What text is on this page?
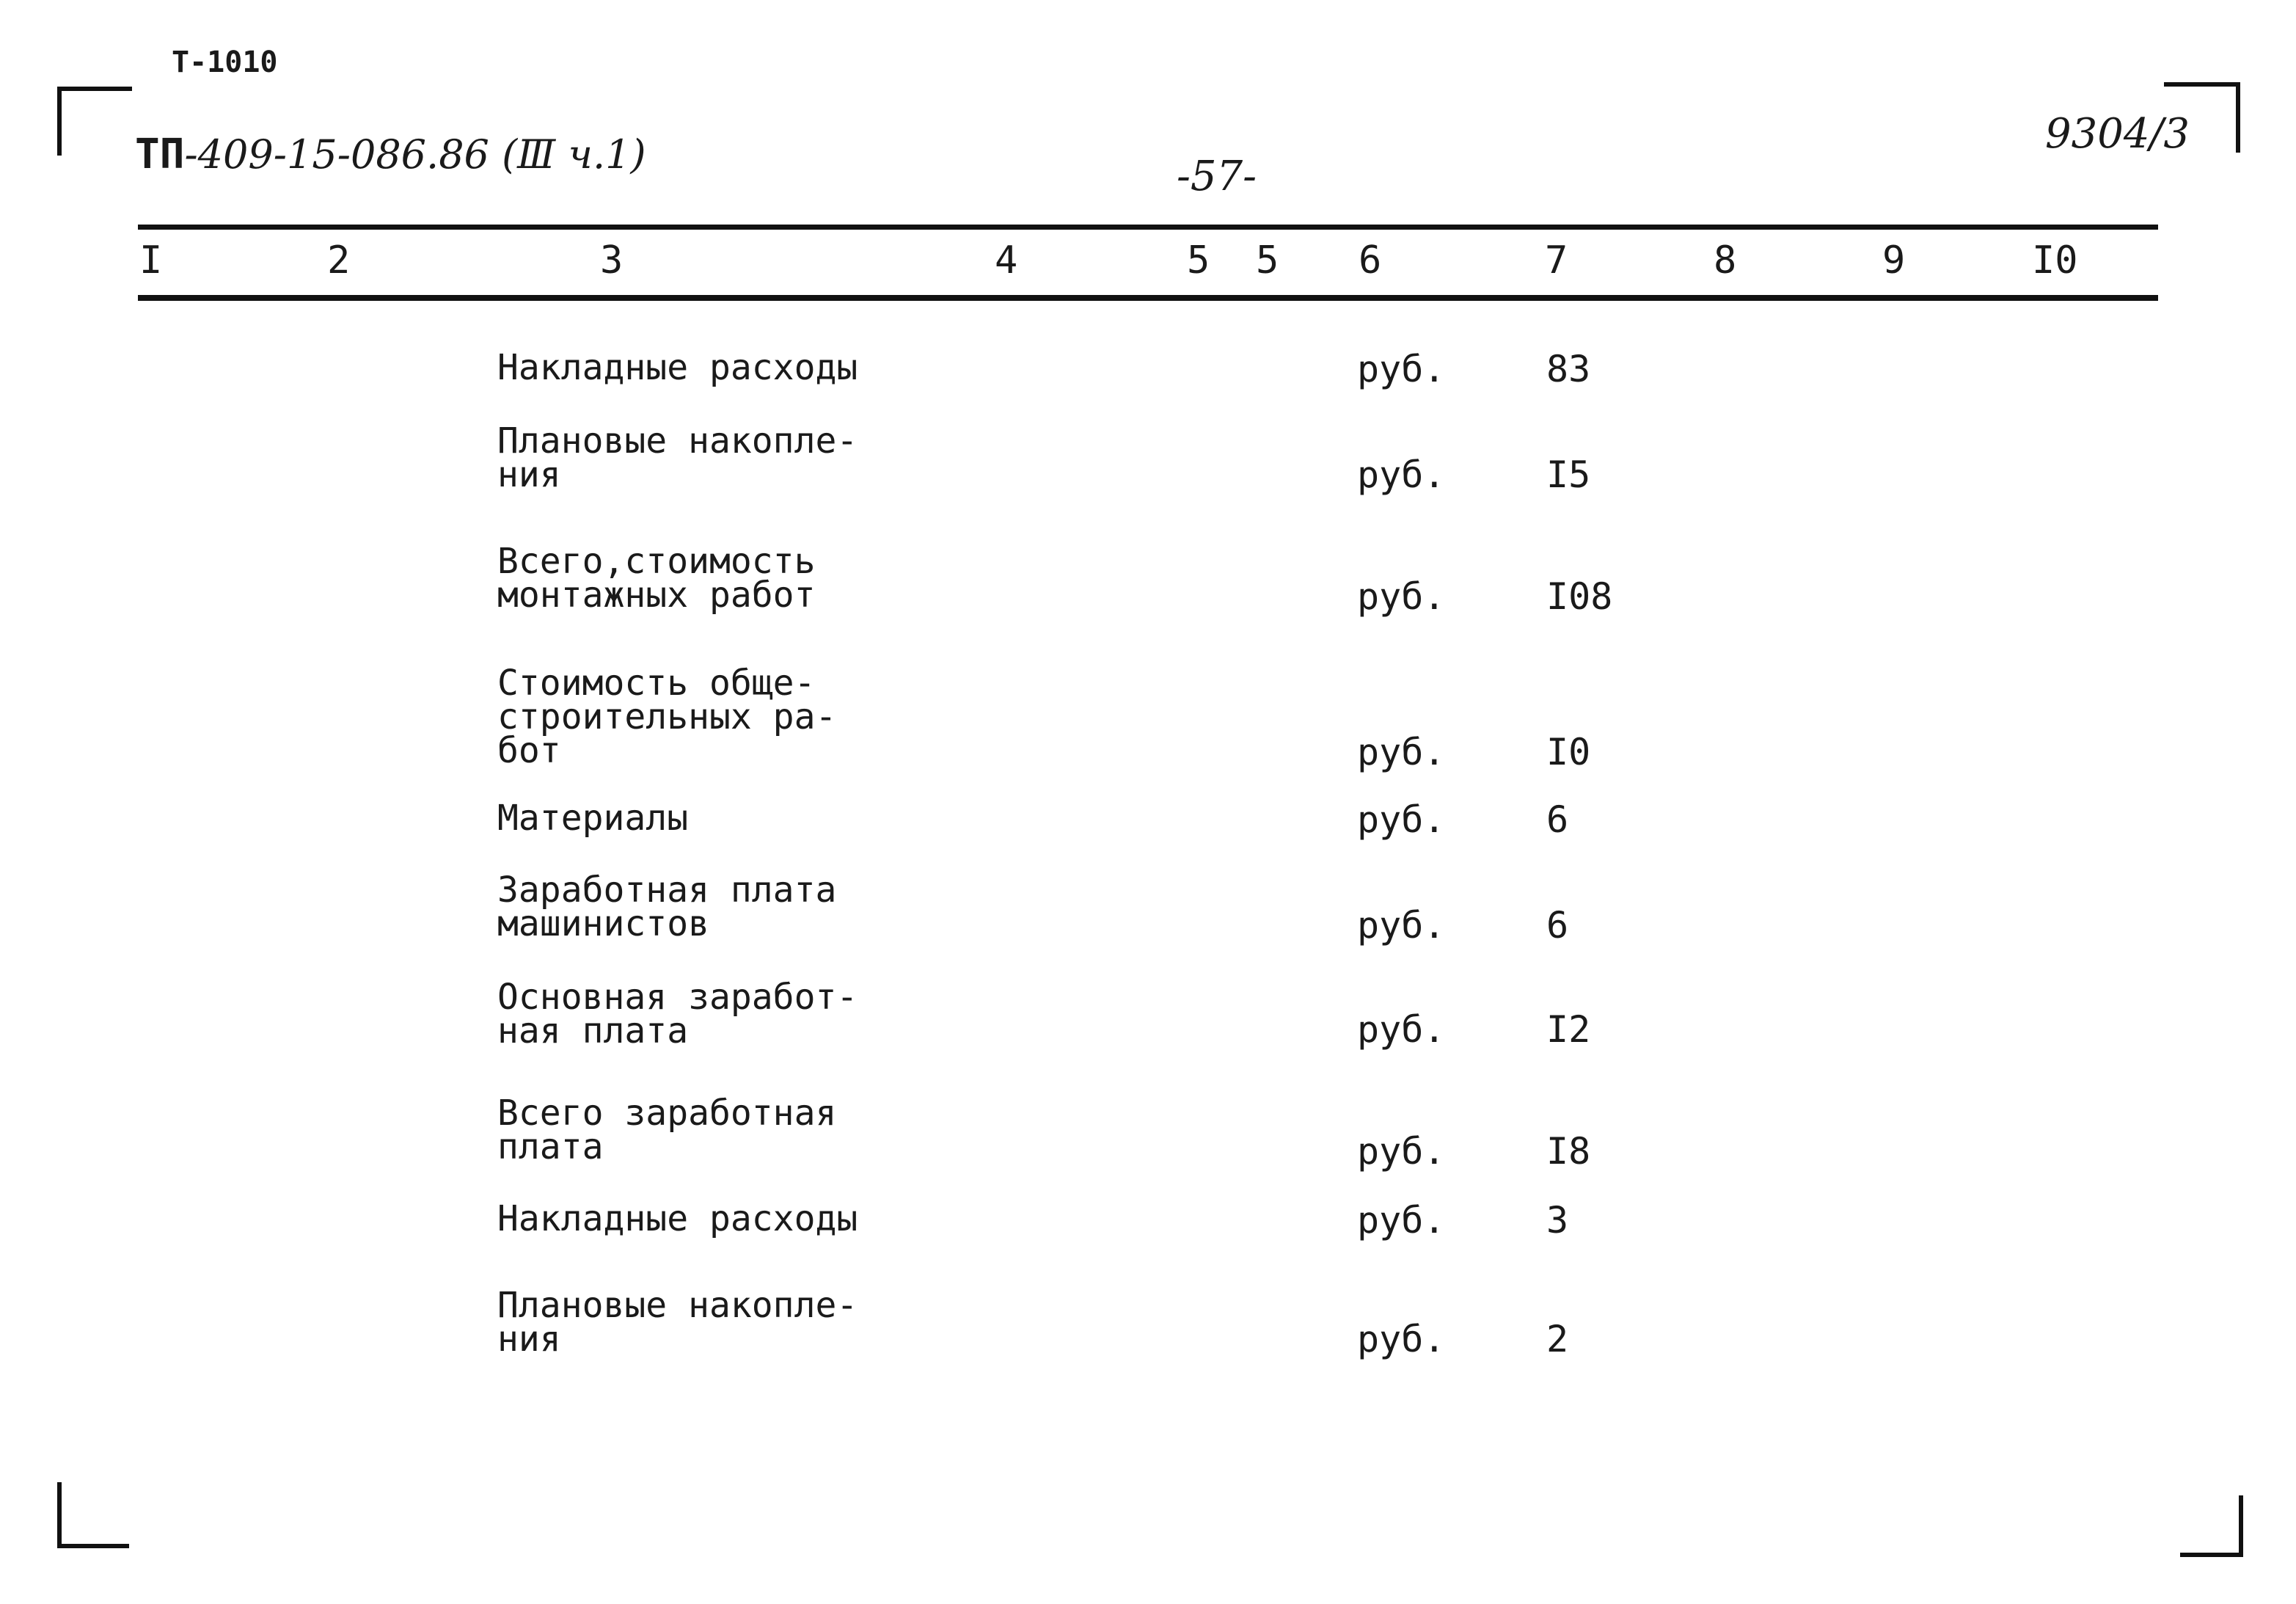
Т-1010
ТП-409-15-086.86 (Ⅲ ч.1)	-57-
9304/3
I	2	3	4	5 5 6	7	8	9	I0
Накладные расходы	руб.	83
Плановые накопле-
ния	руб.	I5
Всего,стоимость
монтажных работ	руб.	I08
Стоимость обще-
строительных ра-
бот	руб.	I0
Материалы	руб.	6
Заработная плата
машинистов	руб.	6
Основная заработ-
ная плата	руб.	I2
Всего заработная
плата	руб.	I8
Накладные расходы	руб.	3
Плановые накопле-
ния	руб.	2
